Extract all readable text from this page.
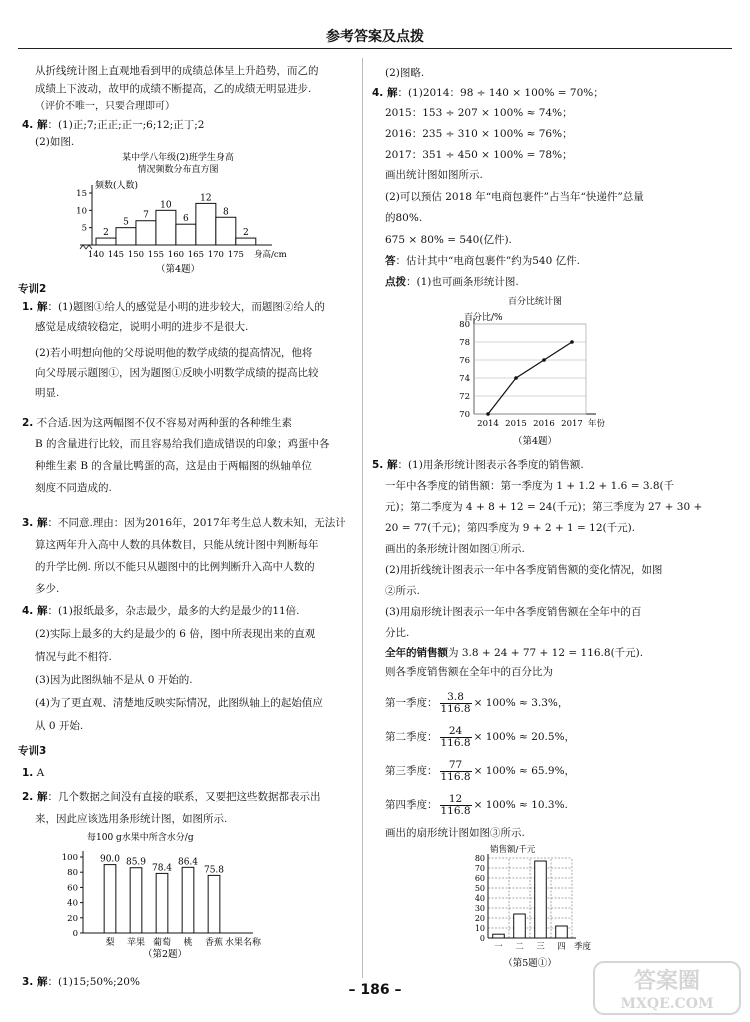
参考答案及点拨
从折线统计图上直观地看到甲的成绩总体呈上升趋势，而乙的
成绩上下波动，故甲的成绩不断提高，乙的成绩无明显进步.
（评价不唯一，只要合理即可）
4. 解：(1)正;7;正正;正一;6;12;正丁;2
(2)如图.
某中学八年级(2)班学生身高
情况频数分布直方图
频数(人数)
5
10
15
2
5
7
10
6
12
8
2
140 145 150 155 160 165 170 175 身高/cm
（第4题）
专训2
1. 解：(1)题图①给人的感觉是小明的进步较大，而题图②给人的
感觉是成绩较稳定，说明小明的进步不是很大.
(2)若小明想向他的父母说明他的数学成绩的提高情况，他将
向父母展示题图①，因为题图①反映小明数学成绩的提高比较
明显.
2. 不合适.因为这两幅图不仅不容易对两种蛋的各种维生素
B 的含量进行比较，而且容易给我们造成错误的印象；鸡蛋中各
种维生素 B 的含量比鸭蛋的高，这是由于两幅图的纵轴单位
刻度不同造成的.
3. 解：不同意.理由：因为2016年，2017年考生总人数未知，无法计
算这两年升入高中人数的具体数目，只能从统计图中判断每年
的升学比例. 所以不能只从题图中的比例判断升入高中人数的
多少.
4. 解：(1)报纸最多，杂志最少，最多的大约是最少的11倍.
(2)实际上最多的大约是最少的 6 倍，图中所表现出来的直观
情况与此不相符.
(3)因为此图纵轴不是从 0 开始的.
(4)为了更直观、清楚地反映实际情况，此图纵轴上的起始值应
从 0 开始.
专训3
1. A
2. 解：几个数据之间没有直接的联系，又要把这些数据都表示出
来，因此应该选用条形统计图，如图所示.
每100 g水果中所含水分/g
0
20
40
60
80
100 90.0
梨
85.9
苹果
78.4
葡萄
86.4
桃
75.8
香蕉 水果名称
（第2题）
3. 解：(1)15;50%;20%
(2)图略.
4. 解：(1)2014：98 ÷ 140 × 100% = 70%；
2015：153 ÷ 207 × 100% ≈ 74%；
2016：235 ÷ 310 × 100% ≈ 76%；
2017：351 ÷ 450 × 100% = 78%；
画出统计图如图所示.
(2)可以预估 2018 年“电商包裹件”占当年“快递件”总量
的80%.
675 × 80% = 540(亿件).
答：估计其中“电商包裹件”约为540 亿件.
点拨：(1)也可画条形统计图.
百分比统计图
百分比/%
70
72
74
76
78
80
2014 2015 2016 2017 年份
（第4题）
5. 解：(1)用条形统计图表示各季度的销售额.
一年中各季度的销售额：第一季度为 1 + 1.2 + 1.6 = 3.8(千
元)；第二季度为 4 + 8 + 12 = 24(千元)；第三季度为 27 + 30 +
20 = 77(千元)；第四季度为 9 + 2 + 1 = 12(千元).
画出的条形统计图如图①所示.
(2)用折线统计图表示一年中各季度销售额的变化情况，如图
②所示.
(3)用扇形统计图表示一年中各季度销售额在全年中的百
分比.
全年的销售额为 3.8 + 24 + 77 + 12 = 116.8(千元).
则各季度销售额在全年中的百分比为
第一季度： $\frac{3.8}{116.8} \times 100\% \approx 3.3\%$，
第二季度： $\frac{24}{116.8} \times 100\% \approx 20.5\%$，
第三季度： $\frac{77}{116.8} \times 100\% \approx 65.9\%$，
第四季度： $\frac{12}{116.8} \times 100\% \approx 10.3\%$.
画出的扇形统计图如图③所示.
销售额/千元
0
10
20
30
40
50
60
70
80
一 二 三 四 季度
（第5题①）
– 186 –	答案圈
MXQE.COM
